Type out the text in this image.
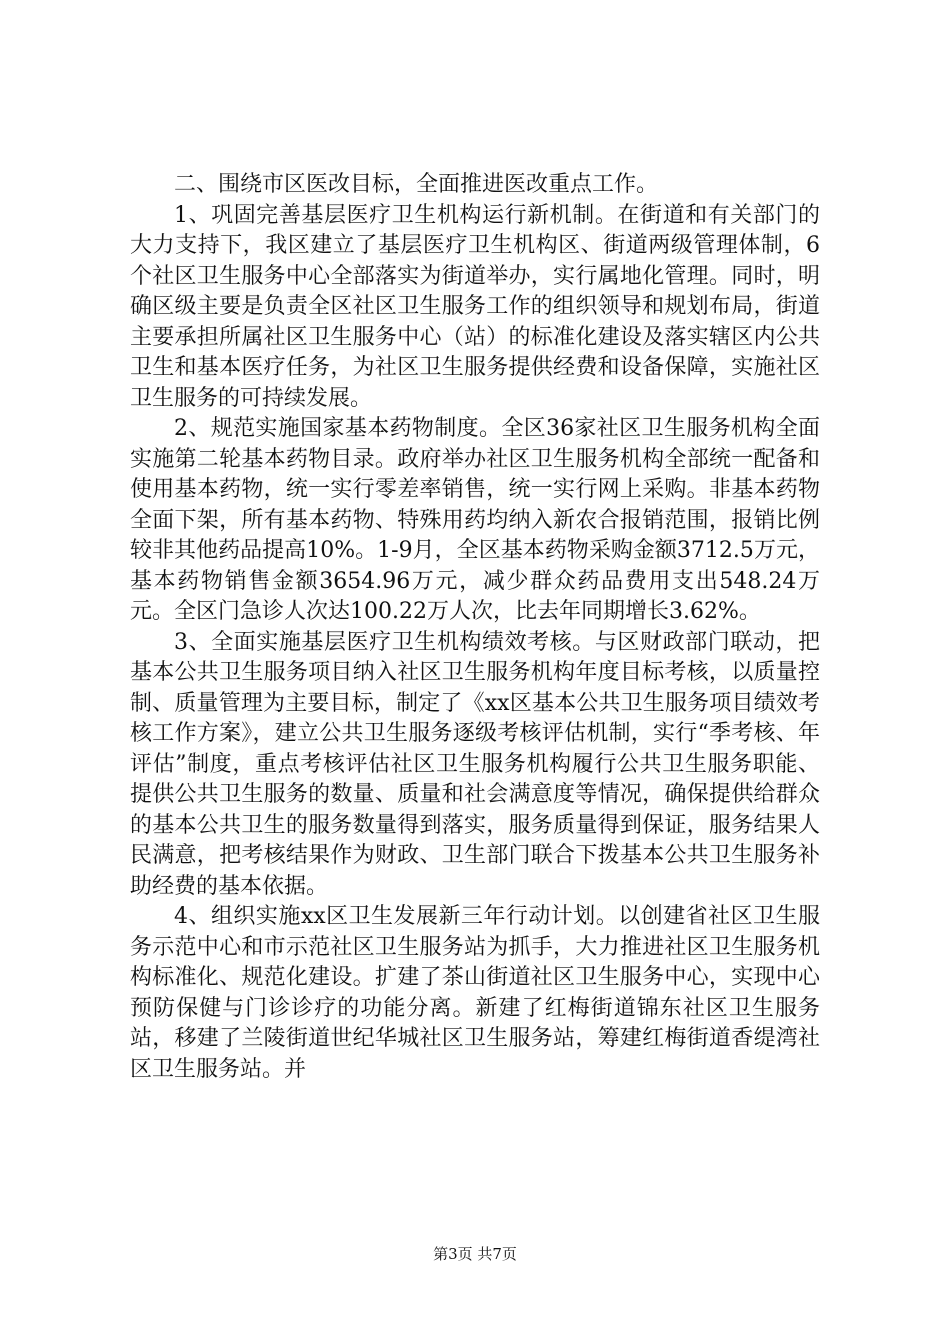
二、围绕市区医改目标，全面推进医改重点工作。

1、巩固完善基层医疗卫生机构运行新机制。在街道和有关部门的大力支持下，我区建立了基层医疗卫生机构区、街道两级管理体制，6个社区卫生服务中心全部落实为街道举办，实行属地化管理。同时，明确区级主要是负责全区社区卫生服务工作的组织领导和规划布局，街道主要承担所属社区卫生服务中心（站）的标准化建设及落实辖区内公共卫生和基本医疗任务，为社区卫生服务提供经费和设备保障，实施社区卫生服务的可持续发展。

2、规范实施国家基本药物制度。全区36家社区卫生服务机构全面实施第二轮基本药物目录。政府举办社区卫生服务机构全部统一配备和使用基本药物，统一实行零差率销售，统一实行网上采购。非基本药物全面下架，所有基本药物、特殊用药均纳入新农合报销范围，报销比例较非其他药品提高10%。1-9月，全区基本药物采购金额3712.5万元，基本药物销售金额3654.96万元，减少群众药品费用支出548.24万元。全区门急诊人次达100.22万人次，比去年同期增长3.62%。

3、全面实施基层医疗卫生机构绩效考核。与区财政部门联动，把基本公共卫生服务项目纳入社区卫生服务机构年度目标考核，以质量控制、质量管理为主要目标，制定了《xx区基本公共卫生服务项目绩效考核工作方案》，建立公共卫生服务逐级考核评估机制，实行“季考核、年评估”制度，重点考核评估社区卫生服务机构履行公共卫生服务职能、提供公共卫生服务的数量、质量和社会满意度等情况，确保提供给群众的基本公共卫生的服务数量得到落实，服务质量得到保证，服务结果人民满意，把考核结果作为财政、卫生部门联合下拨基本公共卫生服务补助经费的基本依据。

4、组织实施xx区卫生发展新三年行动计划。以创建省社区卫生服务示范中心和市示范社区卫生服务站为抓手，大力推进社区卫生服务机构标准化、规范化建设。扩建了茶山街道社区卫生服务中心，实现中心预防保健与门诊诊疗的功能分离。新建了红梅街道锦东社区卫生服务站，移建了兰陵街道世纪华城社区卫生服务站，筹建红梅街道香缇湾社区卫生服务站。并

第3页 共7页
